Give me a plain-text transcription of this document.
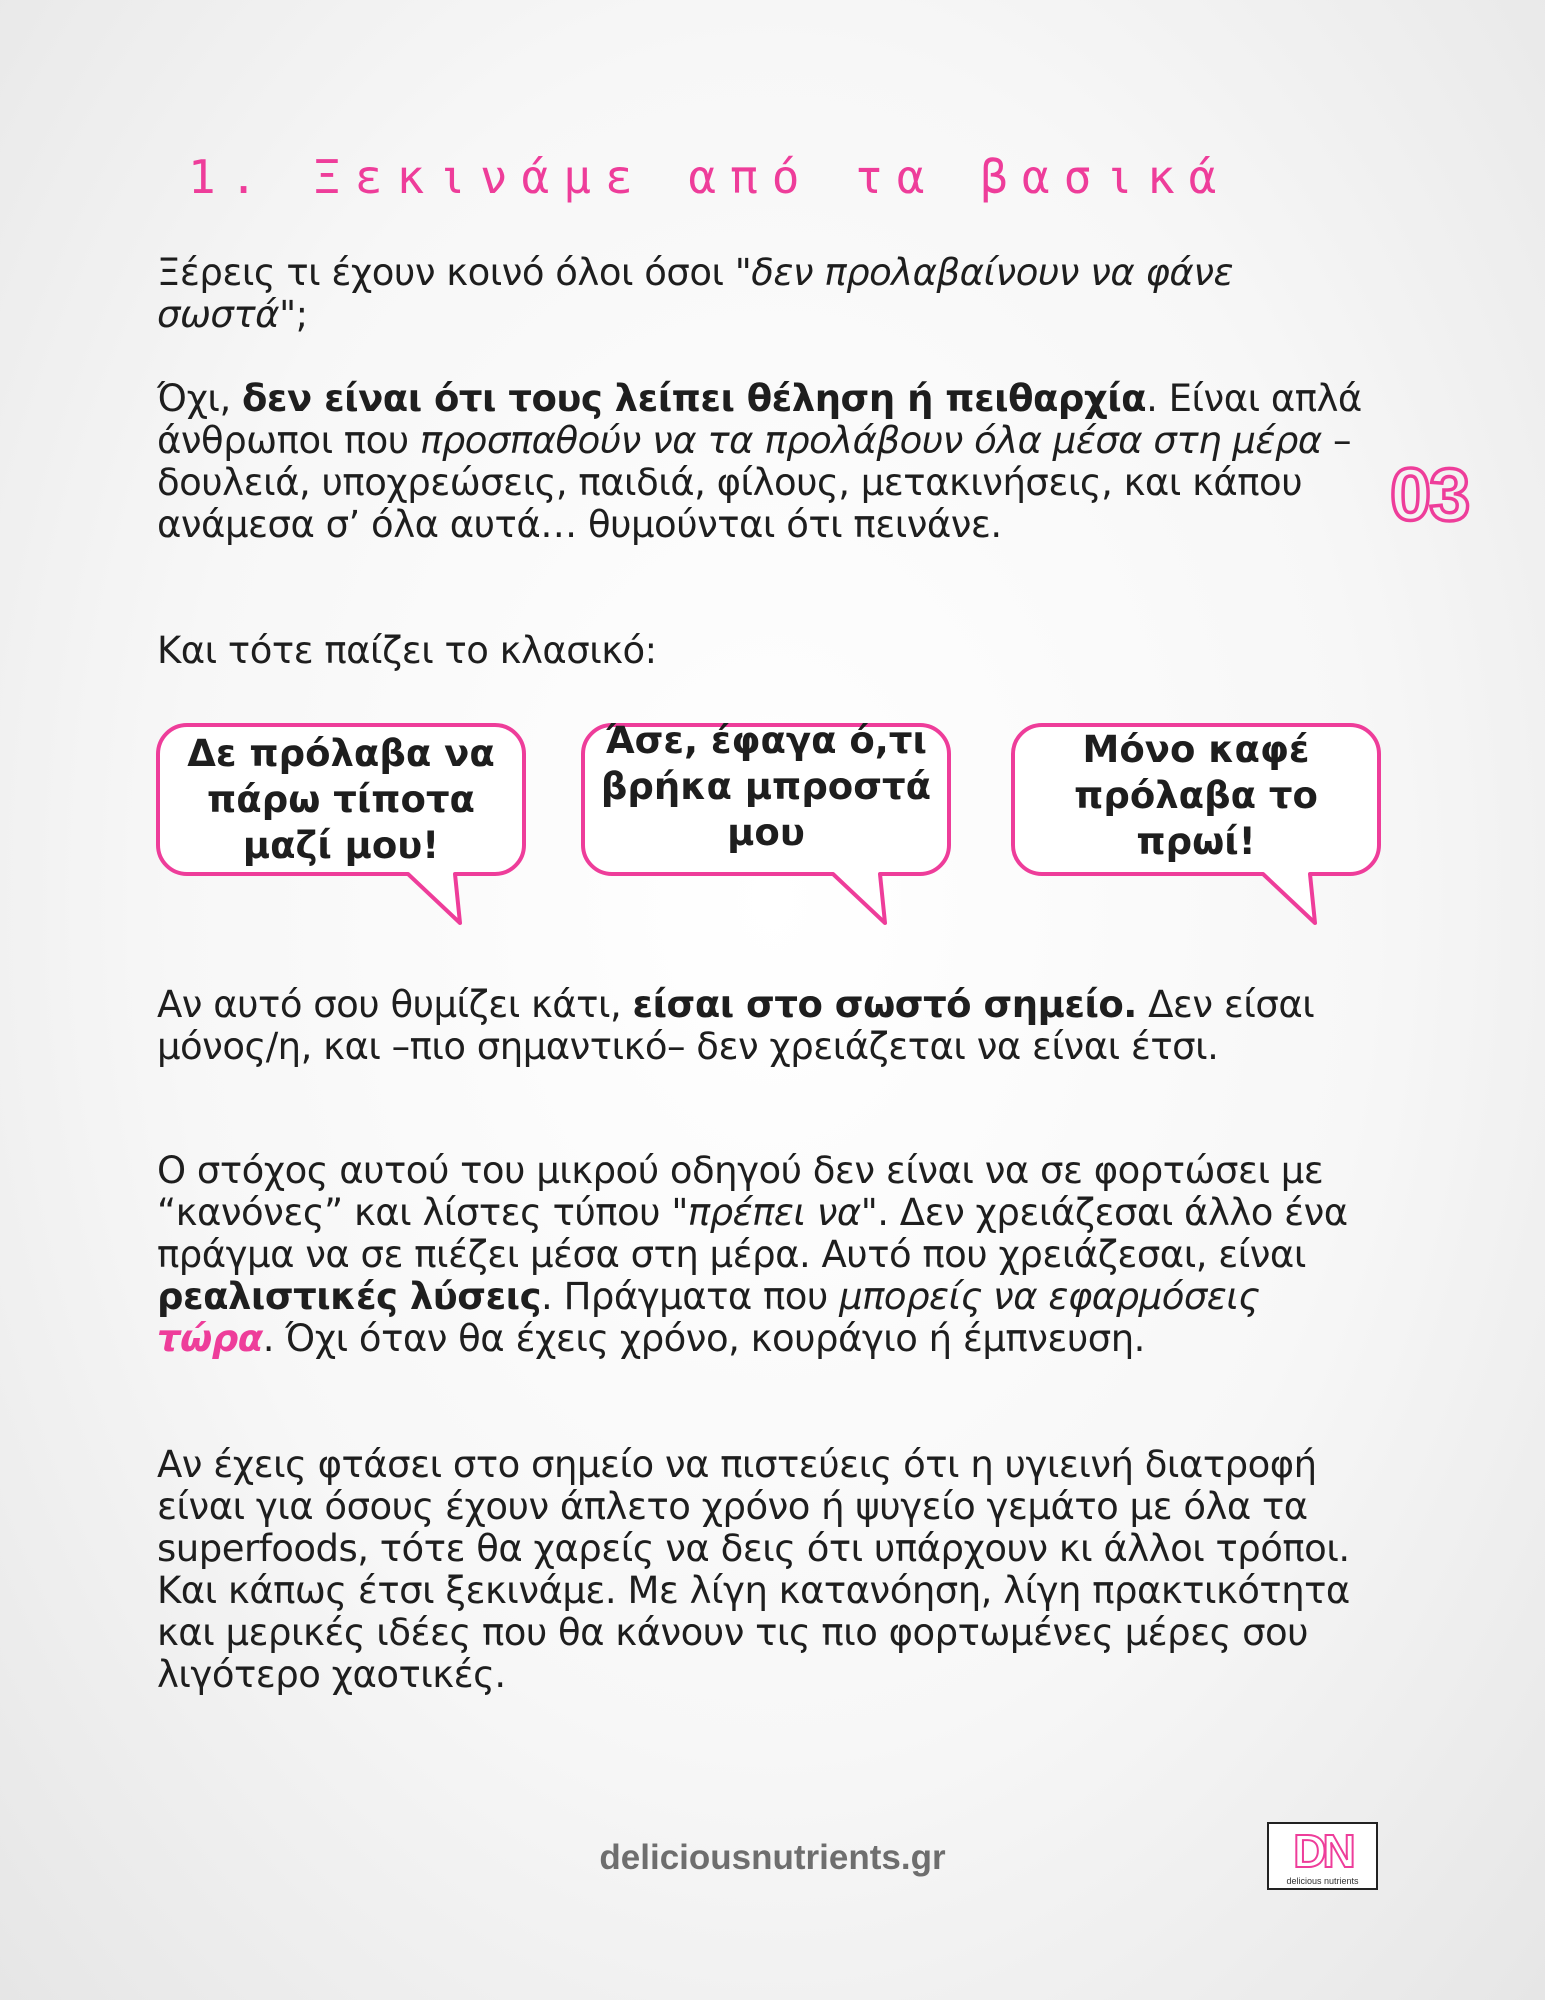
1. Ξεκινάμε από τα βασικά
03

Ξέρεις τι έχουν κοινό όλοι όσοι "δεν προλαβαίνουν να φάνε σωστά";

Όχι, δεν είναι ότι τους λείπει θέληση ή πειθαρχία. Είναι απλά άνθρωποι που προσπαθούν να τα προλάβουν όλα μέσα στη μέρα – δουλειά, υποχρεώσεις, παιδιά, φίλους, μετακινήσεις, και κάπου ανάμεσα σ’ όλα αυτά… θυμούνται ότι πεινάνε.

Και τότε παίζει το κλασικό:

Δε πρόλαβα να πάρω τίποτα μαζί μου!
Άσε, έφαγα ό,τι βρήκα μπροστά μου
Μόνο καφέ πρόλαβα το πρωί!

Αν αυτό σου θυμίζει κάτι, είσαι στο σωστό σημείο. Δεν είσαι μόνος/η, και –πιο σημαντικό– δεν χρειάζεται να είναι έτσι.

Ο στόχος αυτού του μικρού οδηγού δεν είναι να σε φορτώσει με “κανόνες” και λίστες τύπου "πρέπει να". Δεν χρειάζεσαι άλλο ένα πράγμα να σε πιέζει μέσα στη μέρα. Αυτό που χρειάζεσαι, είναι ρεαλιστικές λύσεις. Πράγματα που μπορείς να εφαρμόσεις τώρα. Όχι όταν θα έχεις χρόνο, κουράγιο ή έμπνευση.

Αν έχεις φτάσει στο σημείο να πιστεύεις ότι η υγιεινή διατροφή είναι για όσους έχουν άπλετο χρόνο ή ψυγείο γεμάτο με όλα τα superfoods, τότε θα χαρείς να δεις ότι υπάρχουν κι άλλοι τρόποι. Και κάπως έτσι ξεκινάμε. Με λίγη κατανόηση, λίγη πρακτικότητα και μερικές ιδέες που θα κάνουν τις πιο φορτωμένες μέρες σου λιγότερο χαοτικές.

deliciousnutrients.gr	DN
delicious nutrients
